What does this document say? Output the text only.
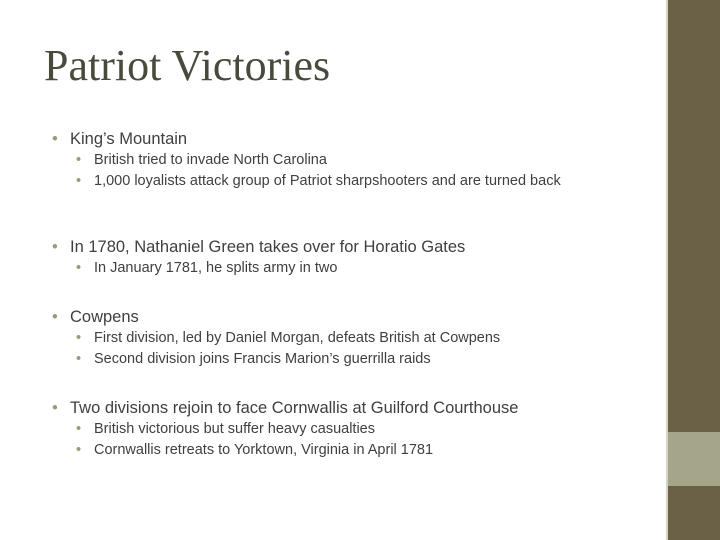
Patriot Victories
• King’s Mountain
• British tried to invade North Carolina
• 1,000 loyalists attack group of Patriot sharpshooters and are turned back
• In 1780, Nathaniel Green takes over for Horatio Gates
• In January 1781, he splits army in two
• Cowpens
• First division, led by Daniel Morgan, defeats British at Cowpens
• Second division joins Francis Marion’s guerrilla raids
• Two divisions rejoin to face Cornwallis at Guilford Courthouse
• British victorious but suffer heavy casualties
• Cornwallis retreats to Yorktown, Virginia in April 1781
